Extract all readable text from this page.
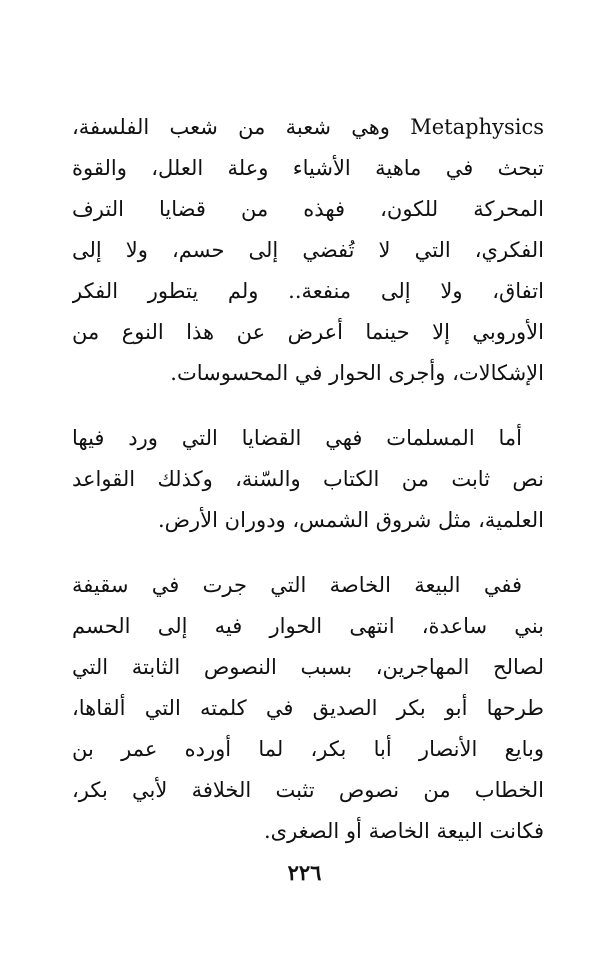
Metaphysics وهي شعبة من شعب الفلسفة،
تبحث في ماهية الأشياء وعلة العلل، والقوة
المحركة للكون، فهذه من قضايا الترف
الفكري، التي لا تُفضي إلى حسم، ولا إلى
اتفاق، ولا إلى منفعة.. ولم يتطور الفكر
الأوروبي إلا حينما أعرض عن هذا النوع من
الإشكالات، وأجرى الحوار في المحسوسات.
أما المسلمات فهي القضايا التي ورد فيها
نص ثابت من الكتاب والسّنة، وكذلك القواعد
العلمية، مثل شروق الشمس، ودوران الأرض.
ففي البيعة الخاصة التي جرت في سقيفة
بني ساعدة، انتهى الحوار فيه إلى الحسم
لصالح المهاجرين، بسبب النصوص الثابتة التي
طرحها أبو بكر الصديق في كلمته التي ألقاها،
وبايع الأنصار أبا بكر، لما أورده عمر بن
الخطاب من نصوص تثبت الخلافة لأبي بكر،
فكانت البيعة الخاصة أو الصغرى.
٢٢٦
